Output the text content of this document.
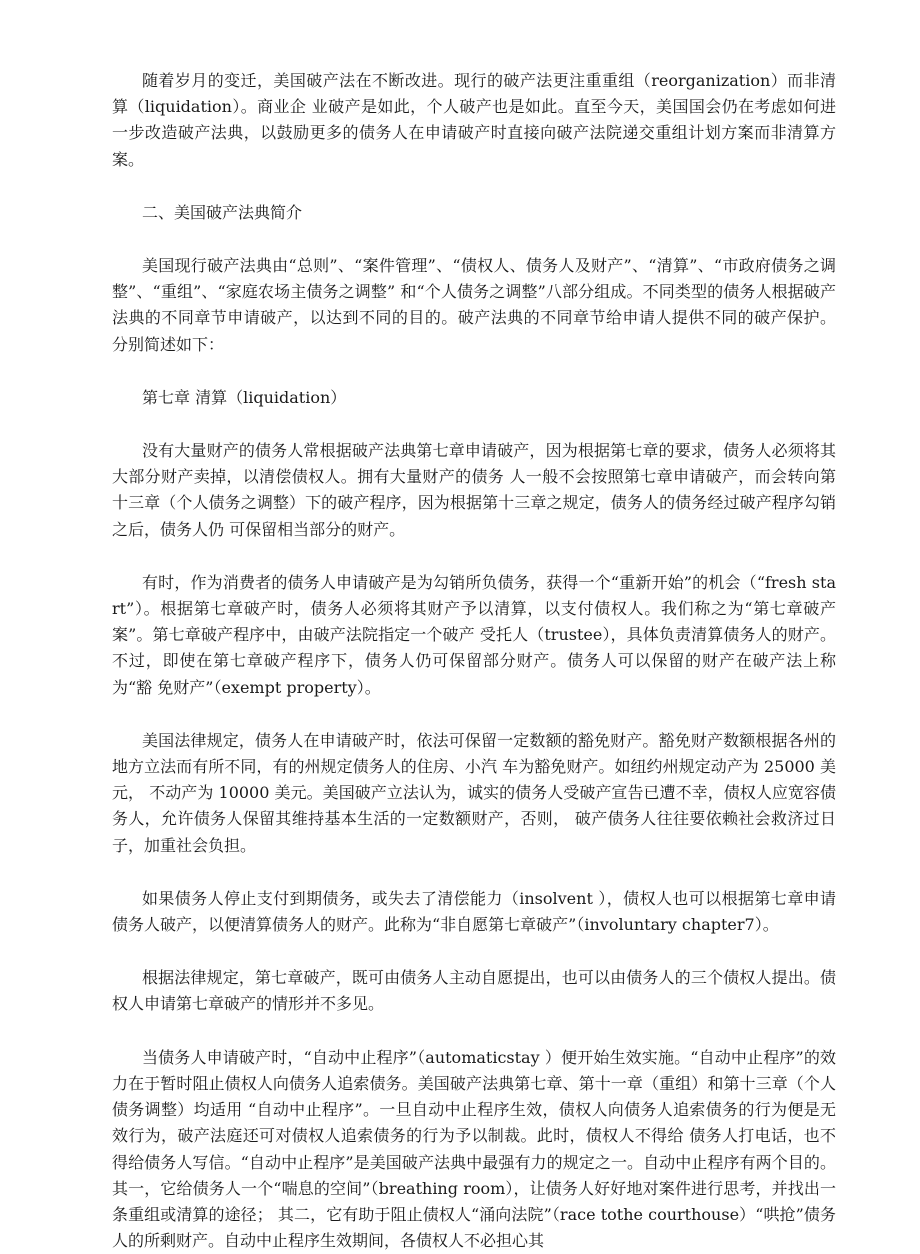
随着岁月的变迁，美国破产法在不断改进。现行的破产法更注重重组（reorganization）而非清算（liquidation）。商业企 业破产是如此，个人破产也是如此。直至今天，美国国会仍在考虑如何进一步改造破产法典，以鼓励更多的债务人在申请破产时直接向破产法院递交重组计划方案而非清算方案。

二、美国破产法典简介

美国现行破产法典由“总则”、“案件管理”、“债权人、债务人及财产”、“清算”、“市政府债务之调整”、“重组”、“家庭农场主债务之调整” 和“个人债务之调整”八部分组成。不同类型的债务人根据破产法典的不同章节申请破产，以达到不同的目的。破产法典的不同章节给申请人提供不同的破产保护。 分别简述如下：

第七章 清算（liquidation）

没有大量财产的债务人常根据破产法典第七章申请破产，因为根据第七章的要求，债务人必须将其大部分财产卖掉，以清偿债权人。拥有大量财产的债务 人一般不会按照第七章申请破产，而会转向第十三章（个人债务之调整）下的破产程序，因为根据第十三章之规定，债务人的债务经过破产程序勾销之后，债务人仍 可保留相当部分的财产。

有时，作为消费者的债务人申请破产是为勾销所负债务，获得一个“重新开始”的机会（“fresh start”）。根据第七章破产时，债务人必须将其财产予以清算，以支付债权人。我们称之为“第七章破产案”。第七章破产程序中，由破产法院指定一个破产 受托人（trustee），具体负责清算债务人的财产。不过，即使在第七章破产程序下，债务人仍可保留部分财产。债务人可以保留的财产在破产法上称为“豁 免财产”（exempt property）。

美国法律规定，债务人在申请破产时，依法可保留一定数额的豁免财产。豁免财产数额根据各州的地方立法而有所不同，有的州规定债务人的住房、小汽 车为豁免财产。如纽约州规定动产为 25000 美元， 不动产为 10000 美元。美国破产立法认为，诚实的债务人受破产宣告已遭不幸，债权人应宽容债务人，允许债务人保留其维持基本生活的一定数额财产，否则， 破产债务人往往要依赖社会救济过日子，加重社会负担。

如果债务人停止支付到期债务，或失去了清偿能力（insolvent ），债权人也可以根据第七章申请债务人破产，以便清算债务人的财产。此称为“非自愿第七章破产”（involuntary chapter7）。

根据法律规定，第七章破产，既可由债务人主动自愿提出，也可以由债务人的三个债权人提出。债权人申请第七章破产的情形并不多见。

当债务人申请破产时，“自动中止程序”（automaticstay ）便开始生效实施。“自动中止程序”的效力在于暂时阻止债权人向债务人追索债务。美国破产法典第七章、第十一章（重组）和第十三章（个人债务调整）均适用 “自动中止程序”。一旦自动中止程序生效，债权人向债务人追索债务的行为便是无效行为，破产法庭还可对债权人追索债务的行为予以制裁。此时，债权人不得给 债务人打电话，也不得给债务人写信。“自动中止程序”是美国破产法典中最强有力的规定之一。自动中止程序有两个目的。 其一，它给债务人一个“喘息的空间”（breathing room），让债务人好好地对案件进行思考，并找出一条重组或清算的途径； 其二，它有助于阻止债权人“涌向法院”（race tothe courthouse）“哄抢”债务人的所剩财产。自动中止程序生效期间，各债权人不必担心其
